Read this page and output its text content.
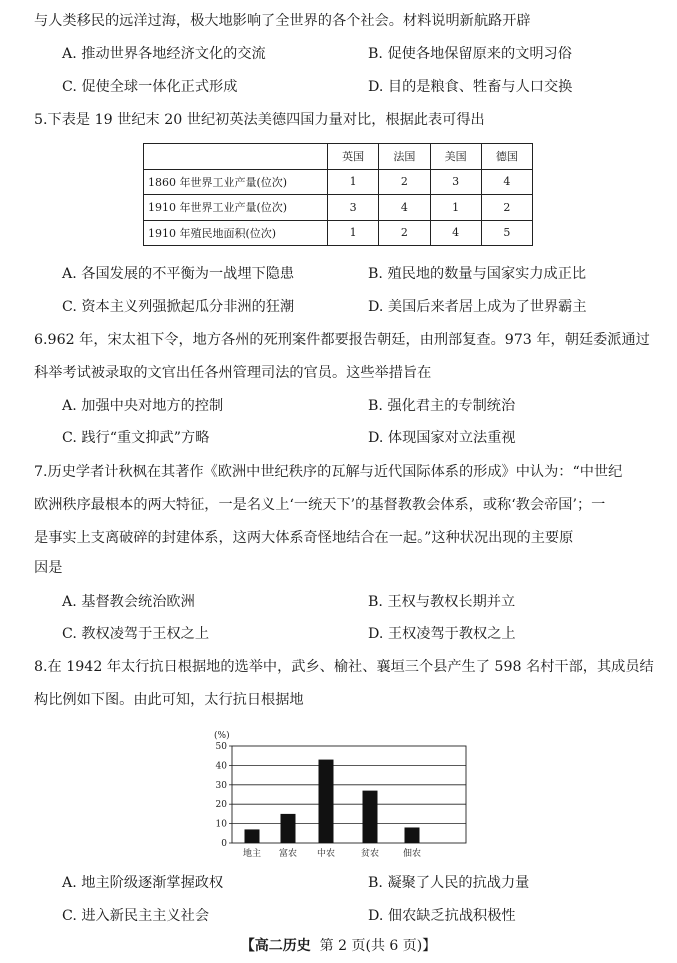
与人类移民的远洋过海，极大地影响了全世界的各个社会。材料说明新航路开辟
A. 推动世界各地经济文化的交流	B. 促使各地保留原来的文明习俗
C. 促使全球一体化正式形成	D. 目的是粮食、牲畜与人口交换
5.下表是 19 世纪末 20 世纪初英法美德四国力量对比，根据此表可得出
	英国	法国	美国	德国
1860 年世界工业产量(位次)	1	2	3	4
1910 年世界工业产量(位次)	3	4	1	2
1910 年殖民地面积(位次)	1	2	4	5
A. 各国发展的不平衡为一战埋下隐患	B. 殖民地的数量与国家实力成正比
C. 资本主义列强掀起瓜分非洲的狂潮	D. 美国后来者居上成为了世界霸主
6.962 年，宋太祖下令，地方各州的死刑案件都要报告朝廷，由刑部复查。973 年，朝廷委派通过
科举考试被录取的文官出任各州管理司法的官员。这些举措旨在
A. 加强中央对地方的控制	B. 强化君主的专制统治
C. 践行“重文抑武”方略	D. 体现国家对立法重视
7.历史学者计秋枫在其著作《欧洲中世纪秩序的瓦解与近代国际体系的形成》中认为：“中世纪
欧洲秩序最根本的两大特征，一是名义上‘一统天下’的基督教教会体系，或称‘教会帝国’；一
是事实上支离破碎的封建体系，这两大体系奇怪地结合在一起。”这种状况出现的主要原
因是
A. 基督教会统治欧洲	B. 王权与教权长期并立
C. 教权凌驾于王权之上	D. 王权凌驾于教权之上
8.在 1942 年太行抗日根据地的选举中，武乡、榆社、襄垣三个县产生了 598 名村干部，其成员结
构比例如下图。由此可知，太行抗日根据地
(%)
0
10
20
30
40
50
地主 富农 中农	贫农	佃农
A. 地主阶级逐渐掌握政权	B. 凝聚了人民的抗战力量
C. 进入新民主主义社会	D. 佃农缺乏抗战积极性
【高二历史 第 2 页(共 6 页)】
